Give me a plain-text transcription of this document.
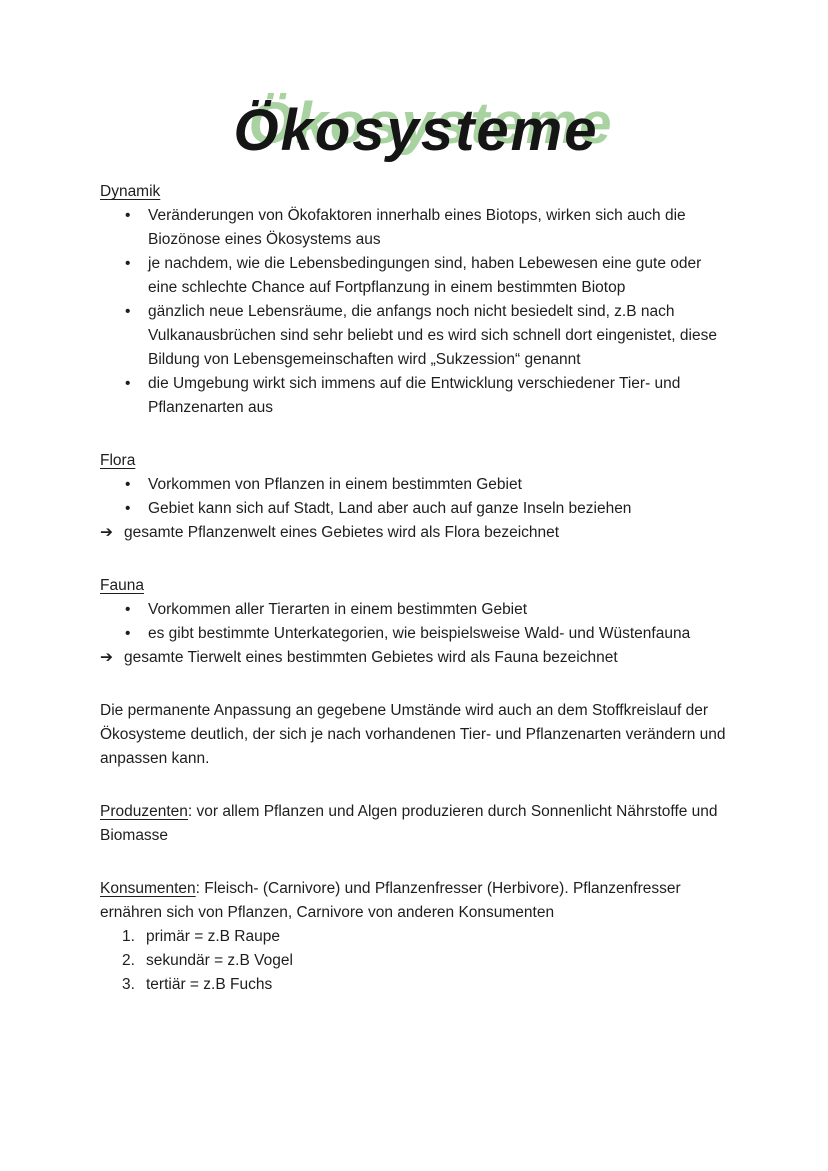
Ökosysteme
Dynamik
•	Veränderungen von Ökofaktoren innerhalb eines Biotops, wirken sich auch die Biozönose eines Ökosystems aus
•	je nachdem, wie die Lebensbedingungen sind, haben Lebewesen eine gute oder eine schlechte Chance auf Fortpflanzung in einem bestimmten Biotop
•	gänzlich neue Lebensräume, die anfangs noch nicht besiedelt sind, z.B nach Vulkanausbrüchen sind sehr beliebt und es wird sich schnell dort eingenistet, diese Bildung von Lebensgemeinschaften wird „Sukzession“ genannt
•	die Umgebung wirkt sich immens auf die Entwicklung verschiedener Tier- und Pflanzenarten aus
Flora
•	Vorkommen von Pflanzen in einem bestimmten Gebiet
•	Gebiet kann sich auf Stadt, Land aber auch auf ganze Inseln beziehen
➔ gesamte Pflanzenwelt eines Gebietes wird als Flora bezeichnet
Fauna
•	Vorkommen aller Tierarten in einem bestimmten Gebiet
•	es gibt bestimmte Unterkategorien, wie beispielsweise Wald- und Wüstenfauna
➔ gesamte Tierwelt eines bestimmten Gebietes wird als Fauna bezeichnet

Die permanente Anpassung an gegebene Umstände wird auch an dem Stoffkreislauf der Ökosysteme deutlich, der sich je nach vorhandenen Tier- und Pflanzenarten verändern und anpassen kann.

Produzenten: vor allem Pflanzen und Algen produzieren durch Sonnenlicht Nährstoffe und Biomasse

Konsumenten: Fleisch- (Carnivore) und Pflanzenfresser (Herbivore). Pflanzenfresser ernähren sich von Pflanzen, Carnivore von anderen Konsumenten

1. primär = z.B Raupe
2. sekundär = z.B Vogel
3. tertiär = z.B Fuchs
